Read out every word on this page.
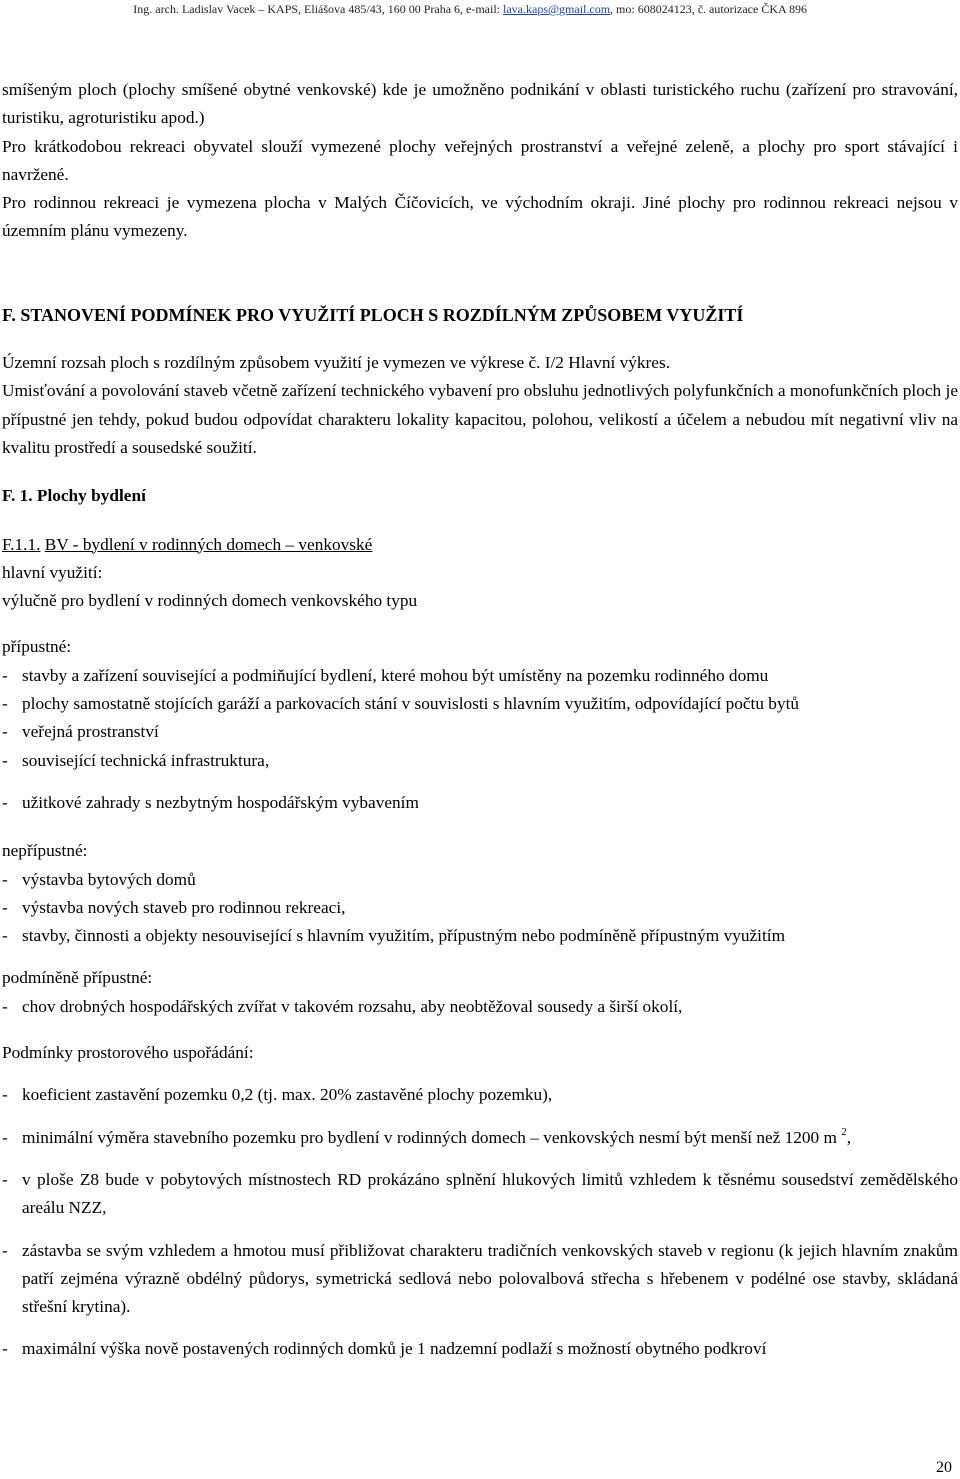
Ing. arch. Ladislav Vacek – KAPS, Eliášova 485/43, 160 00 Praha 6, e-mail: lava.kaps@gmail.com, mo: 608024123, č. autorizace ČKA 896

smíšeným ploch (plochy smíšené obytné venkovské) kde je umožněno podnikání v oblasti turistického ruchu (zařízení pro stravování, turistiku, agroturistiku apod.)

Pro krátkodobou rekreaci obyvatel slouží vymezené plochy veřejných prostranství a veřejné zeleně, a plochy pro sport stávající i navržené.

Pro rodinnou rekreaci je vymezena plocha v Malých Číčovicích, ve východním okraji. Jiné plochy pro rodinnou rekreaci nejsou v územním plánu vymezeny.

F. STANOVENÍ PODMÍNEK PRO VYUŽITÍ PLOCH S ROZDÍLNÝM ZPŮSOBEM VYUŽITÍ

Územní rozsah ploch s rozdílným způsobem využití je vymezen ve výkrese č. I/2 Hlavní výkres.

Umisťování a povolování staveb včetně zařízení technického vybavení pro obsluhu jednotlivých polyfunkčních a monofunkčních ploch je přípustné jen tehdy, pokud budou odpovídat charakteru lokality kapacitou, polohou, velikostí a účelem a nebudou mít negativní vliv na kvalitu prostředí a sousedské soužití.

F. 1. Plochy bydlení

F.1.1. BV - bydlení v rodinných domech – venkovské

hlavní využití:

výlučně pro bydlení v rodinných domech venkovského typu

přípustné:

- stavby a zařízení související a podmiňující bydlení, které mohou být umístěny na pozemku rodinného domu
- plochy samostatně stojících garáží a parkovacích stání v souvislosti s hlavním využitím, odpovídající počtu bytů
- veřejná prostranství
- související technická infrastruktura,
- užitkové zahrady s nezbytným hospodářským vybavením

nepřípustné:

- výstavba bytových domů
- výstavba nových staveb pro rodinnou rekreaci,
- stavby, činnosti a objekty nesouvisející s hlavním využitím, přípustným nebo podmíněně přípustným využitím

podmíněně přípustné:

- chov drobných hospodářských zvířat v takovém rozsahu, aby neobtěžoval sousedy a širší okolí,

Podmínky prostorového uspořádání:

- koeficient zastavění pozemku 0,2 (tj. max. 20% zastavěné plochy pozemku),
- minimální výměra stavebního pozemku pro bydlení v rodinných domech – venkovských nesmí být menší než 1200 m $^2$,
- v ploše Z8 bude v pobytových místnostech RD prokázáno splnění hlukových limitů vzhledem k těsnému sousedství zemědělského areálu NZZ,
- zástavba se svým vzhledem a hmotou musí přibližovat charakteru tradičních venkovských staveb v regionu (k jejich hlavním znakům patří zejména výrazně obdélný půdorys, symetrická sedlová nebo polovalbová střecha s hřebenem v podélné ose stavby, skládaná střešní krytina).
- maximální výška nově postavených rodinných domků je 1 nadzemní podlaží s možností obytného podkroví
20
